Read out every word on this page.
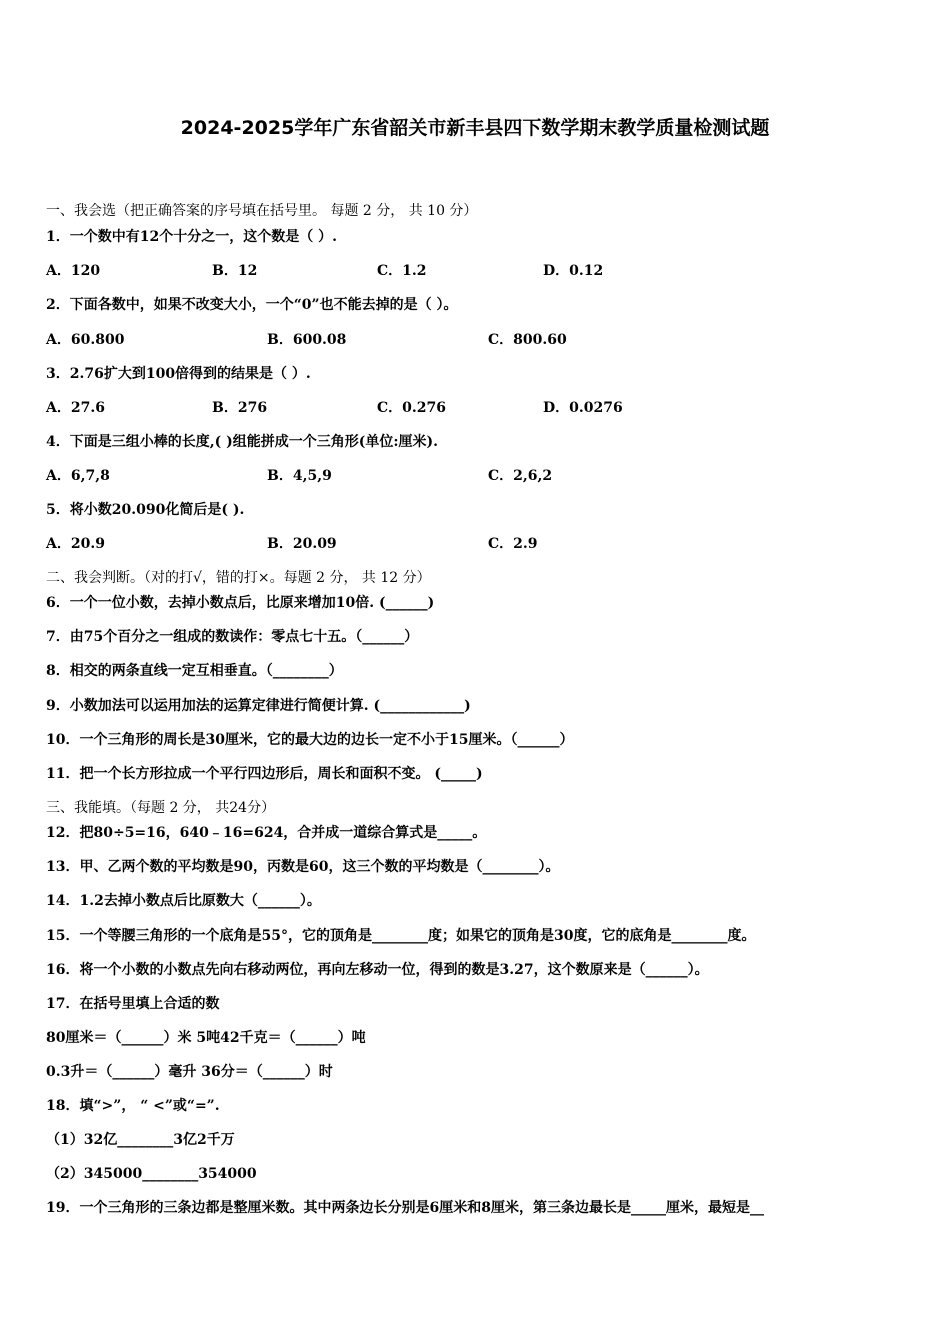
2024-2025学年广东省韶关市新丰县四下数学期末教学质量检测试题
一、我会选（把正确答案的序号填在括号里。 每题 2 分， 共 10 分）
1．一个数中有12个十分之一，这个数是（ ）.
A．120	B．12	C．1.2	D．0.12
2．下面各数中，如果不改变大小，一个“0”也不能去掉的是（ ）。
A．60.800	B．600.08	C．800.60
3．2.76扩大到100倍得到的结果是（ ）.
A．27.6	B．276	C．0.276	D．0.0276
4．下面是三组小棒的长度,( )组能拼成一个三角形(单位:厘米).
A．6,7,8	B．4,5,9	C．2,6,2
5．将小数20.090化简后是( ).
A．20.9	B．20.09	C．2.9
二、我会判断。（对的打√，错的打×。每题 2 分， 共 12 分）
6．一个一位小数，去掉小数点后，比原来增加10倍. (______)
7．由75个百分之一组成的数读作：零点七十五。（______）
8．相交的两条直线一定互相垂直。（________）
9．小数加法可以运用加法的运算定律进行简便计算. (____________)
10．一个三角形的周长是30厘米，它的最大边的边长一定不小于15厘米。（______）
11．把一个长方形拉成一个平行四边形后，周长和面积不变。 (_____)
三、我能填。（每题 2 分， 共24分）
12．把80÷5=16，640﹣16=624，合并成一道综合算式是_____。
13．甲、乙两个数的平均数是90，丙数是60，这三个数的平均数是（________）。
14．1.2去掉小数点后比原数大（______）。
15．一个等腰三角形的一个底角是55°，它的顶角是________度；如果它的顶角是30度，它的底角是________度。
16．将一个小数的小数点先向右移动两位，再向左移动一位，得到的数是3.27，这个数原来是（______）。
17．在括号里填上合适的数
80厘米＝（______）米 5吨42千克＝（______）吨
0.3升＝（______）毫升 36分＝（______）时
18．填“>”， “ <”或“=”.
（1）32亿________3亿2千万
（2）345000________354000
19．一个三角形的三条边都是整厘米数。其中两条边长分别是6厘米和8厘米，第三条边最长是_____厘米，最短是__
